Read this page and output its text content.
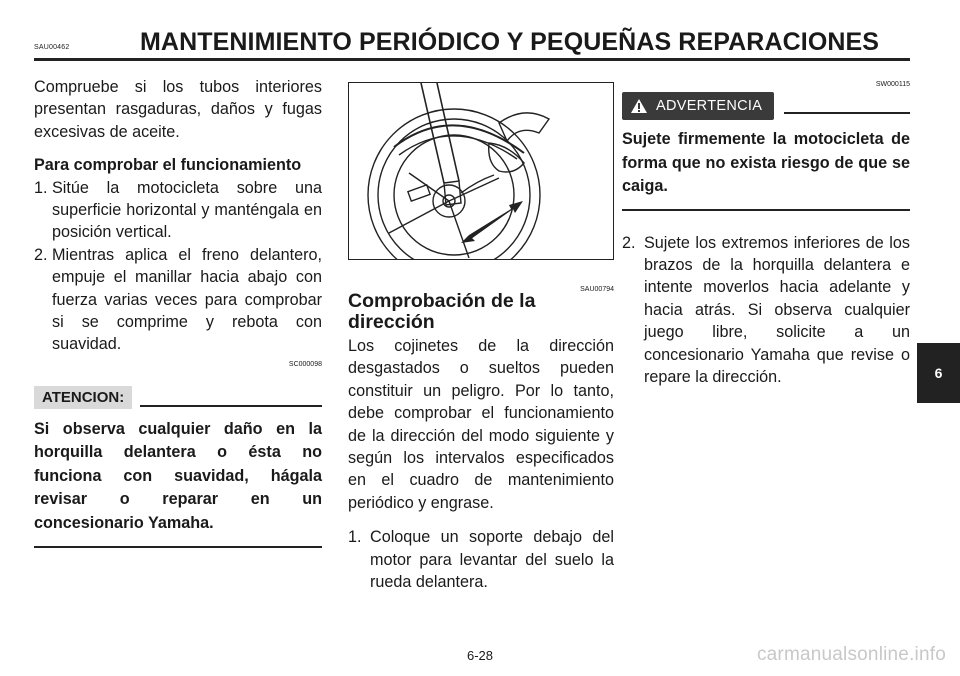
SAU00462	MANTENIMIENTO PERIÓDICO Y PEQUEÑAS REPARACIONES

Compruebe si los tubos interiores presentan rasgaduras, daños y fugas excesivas de aceite.

Para comprobar el funcionamiento

1. Sitúe la motocicleta sobre una superficie horizontal y manténgala en posición vertical.
2. Mientras aplica el freno delantero, empuje el manillar hacia abajo con fuerza varias veces para comprobar si se comprime y rebota con suavidad.
SC000098
ATENCION:

Si observa cualquier daño en la horquilla delantera o ésta no funciona con suavidad, hágala revisar o reparar en un concesionario Yamaha.

SAU00794
Comprobación de la dirección

Los cojinetes de la dirección desgastados o sueltos pueden constituir un peligro. Por lo tanto, debe comprobar el funcionamiento de la dirección del modo siguiente y según los intervalos especificados en el cuadro de mantenimiento periódico y engrase.

1. Coloque un soporte debajo del motor para levantar del suelo la rueda delantera.
SW000115
ADVERTENCIA

Sujete firmemente la motocicleta de forma que no exista riesgo de que se caiga.

2. Sujete los extremos inferiores de los brazos de la horquilla delantera e intente moverlos hacia adelante y hacia atrás. Si observa cualquier juego libre, solicite a un concesionario Yamaha que revise o repare la dirección.	6
6-28	carmanualsonline.info
